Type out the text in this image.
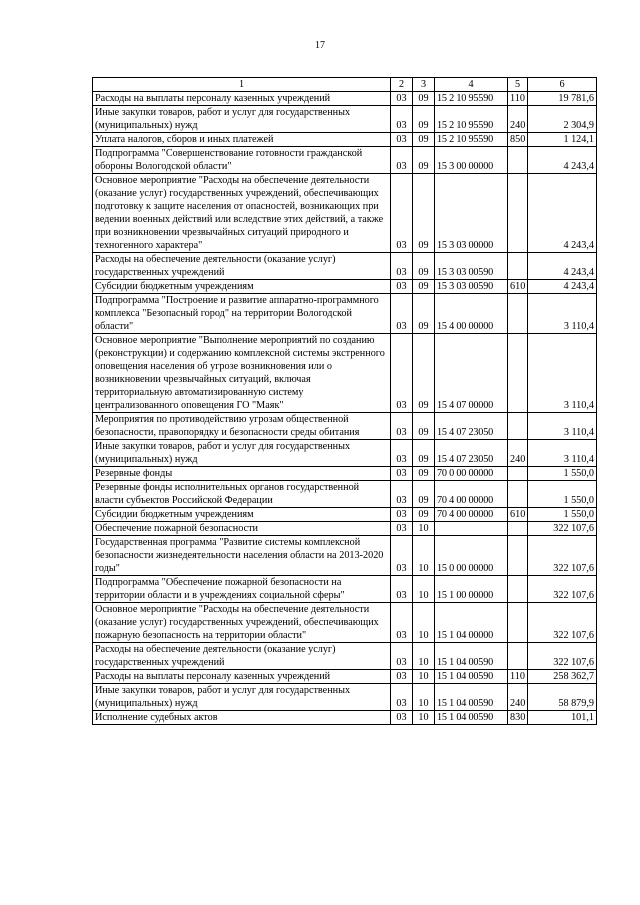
17
1	2	3	4	5	6
Расходы на выплаты персоналу казенных учреждений	03	09	15 2 10 95590	110	19 781,6
Иные закупки товаров, работ и услуг для государственных (муниципальных) нужд	03	09	15 2 10 95590	240	2 304,9
Уплата налогов, сборов и иных платежей	03	09	15 2 10 95590	850	1 124,1
Подпрограмма "Совершенствование готовности гражданской обороны Вологодской области"	03	09	15 3 00 00000		4 243,4
Основное мероприятие "Расходы на обеспечение деятельности (оказание услуг) государственных учреждений, обеспечивающих подготовку к защите населения от опасностей, возникающих при ведении военных действий или вследствие этих действий, а также при возникновении чрезвычайных ситуаций природного и техногенного характера"	03	09	15 3 03 00000		4 243,4
Расходы на обеспечение деятельности (оказание услуг) государственных учреждений	03	09	15 3 03 00590		4 243,4
Субсидии бюджетным учреждениям	03	09	15 3 03 00590	610	4 243,4
Подпрограмма "Построение и развитие аппаратно-программного комплекса "Безопасный город" на территории Вологодской области"	03	09	15 4 00 00000		3 110,4
Основное мероприятие "Выполнение мероприятий по созданию (реконструкции) и содержанию комплексной системы экстренного оповещения населения об угрозе возникновения или о возникновении чрезвычайных ситуаций, включая территориальную автоматизированную систему централизованного оповещения ГО "Маяк"	03	09	15 4 07 00000		3 110,4
Мероприятия по противодействию угрозам общественной безопасности, правопорядку и безопасности среды обитания	03	09	15 4 07 23050		3 110,4
Иные закупки товаров, работ и услуг для государственных (муниципальных) нужд	03	09	15 4 07 23050	240	3 110,4
Резервные фонды	03	09	70 0 00 00000		1 550,0
Резервные фонды исполнительных органов государственной власти субъектов Российской Федерации	03	09	70 4 00 00000		1 550,0
Субсидии бюджетным учреждениям	03	09	70 4 00 00000	610	1 550,0
Обеспечение пожарной безопасности	03	10			322 107,6
Государственная программа "Развитие системы комплексной безопасности жизнедеятельности населения области на 2013-2020 годы"	03	10	15 0 00 00000		322 107,6
Подпрограмма "Обеспечение пожарной безопасности на территории области и в учреждениях социальной сферы"	03	10	15 1 00 00000		322 107,6
Основное мероприятие "Расходы на обеспечение деятельности (оказание услуг) государственных учреждений, обеспечивающих пожарную безопасность на территории области"	03	10	15 1 04 00000		322 107,6
Расходы на обеспечение деятельности (оказание услуг) государственных учреждений	03	10	15 1 04 00590		322 107,6
Расходы на выплаты персоналу казенных учреждений	03	10	15 1 04 00590	110	258 362,7
Иные закупки товаров, работ и услуг для государственных (муниципальных) нужд	03	10	15 1 04 00590	240	58 879,9
Исполнение судебных актов	03	10	15 1 04 00590	830	101,1
